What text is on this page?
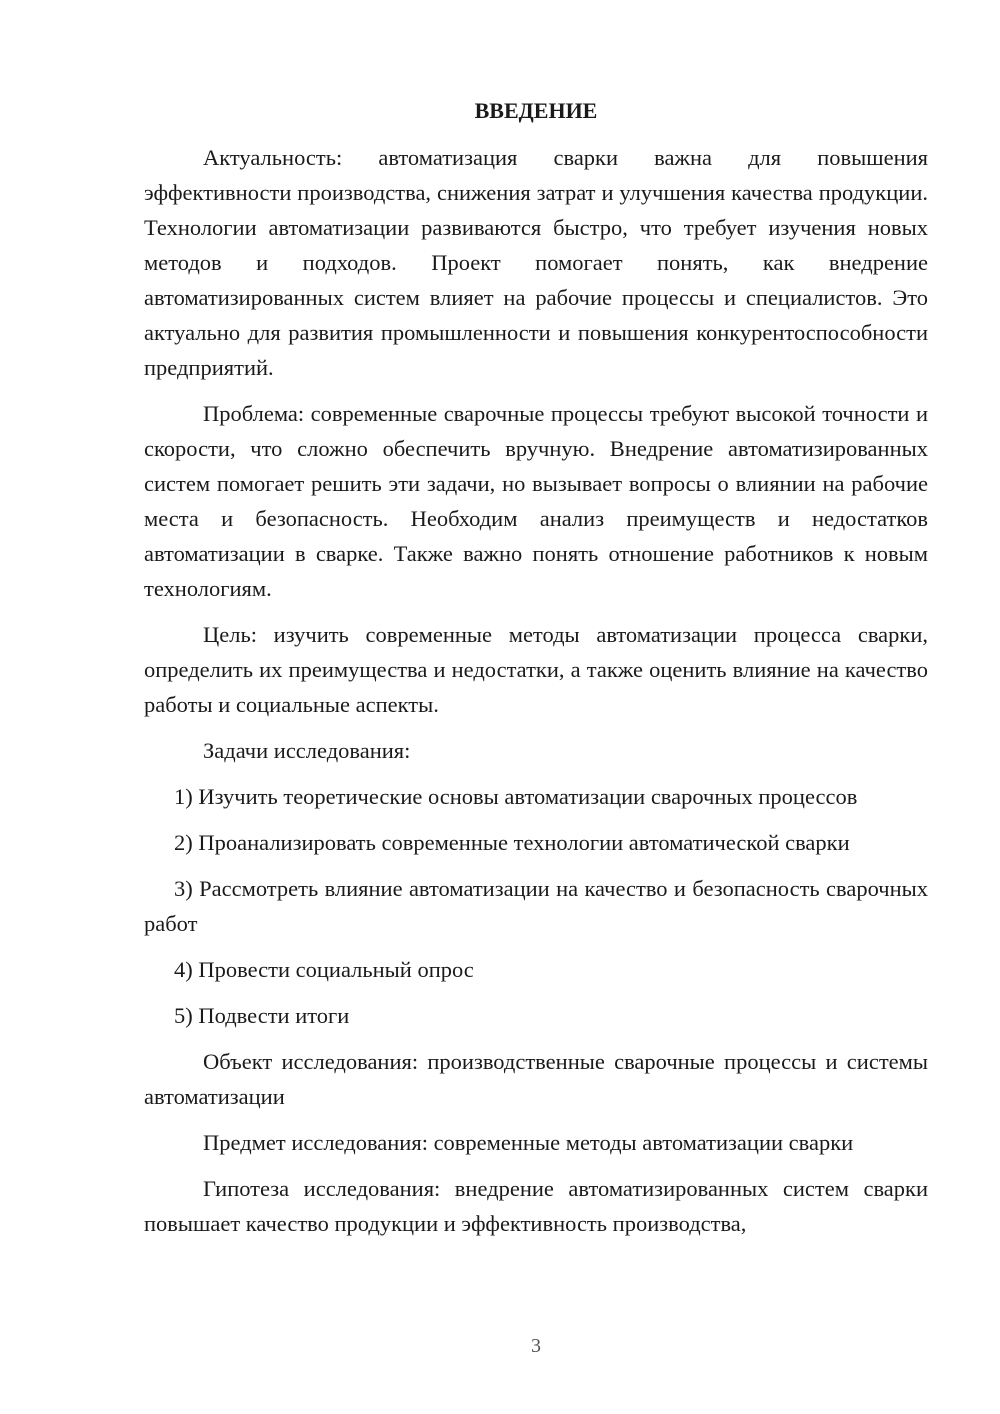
ВВЕДЕНИЕ

Актуальность: автоматизация сварки важна для повышения эффективности производства, снижения затрат и улучшения качества продукции. Технологии автоматизации развиваются быстро, что требует изучения новых методов и подходов. Проект помогает понять, как внедрение автоматизированных систем влияет на рабочие процессы и специалистов. Это актуально для развития промышленности и повышения конкурентоспособности предприятий.

Проблема: современные сварочные процессы требуют высокой точности и скорости, что сложно обеспечить вручную. Внедрение автоматизированных систем помогает решить эти задачи, но вызывает вопросы о влиянии на рабочие места и безопасность. Необходим анализ преимуществ и недостатков автоматизации в сварке. Также важно понять отношение работников к новым технологиям.

Цель: изучить современные методы автоматизации процесса сварки, определить их преимущества и недостатки, а также оценить влияние на качество работы и социальные аспекты.

Задачи исследования:

1) Изучить теоретические основы автоматизации сварочных процессов

2) Проанализировать современные технологии автоматической сварки

3) Рассмотреть влияние автоматизации на качество и безопасность сварочных работ

4) Провести социальный опрос

5) Подвести итоги

Объект исследования: производственные сварочные процессы и системы автоматизации

Предмет исследования: современные методы автоматизации сварки

Гипотеза исследования: внедрение автоматизированных систем сварки повышает качество продукции и эффективность производства,

3
